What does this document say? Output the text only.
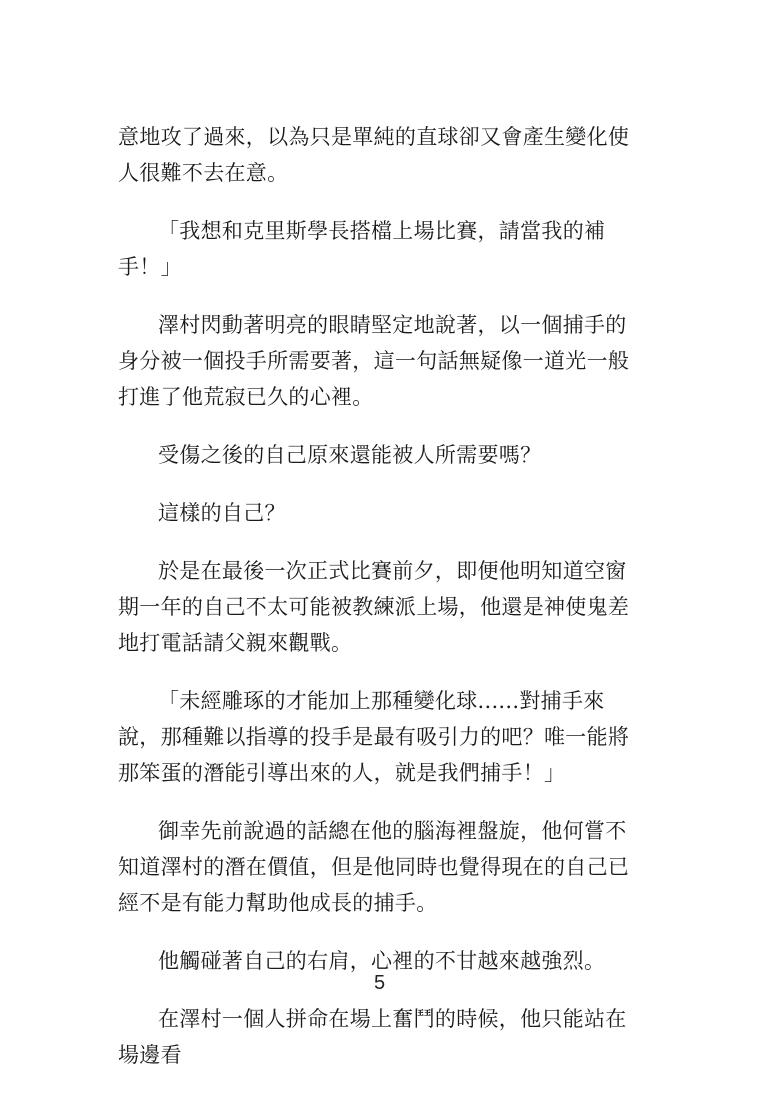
意地攻了過來，以為只是單純的直球卻又會產生變化使人很難不去在意。

「我想和克里斯學長搭檔上場比賽，請當我的補手！」

澤村閃動著明亮的眼睛堅定地說著，以一個捕手的身分被一個投手所需要著，這一句話無疑像一道光一般打進了他荒寂已久的心裡。

受傷之後的自己原來還能被人所需要嗎？

這樣的自己？

於是在最後一次正式比賽前夕，即便他明知道空窗期一年的自己不太可能被教練派上場，他還是神使鬼差地打電話請父親來觀戰。

「未經雕琢的才能加上那種變化球......對捕手來說，那種難以指導的投手是最有吸引力的吧？唯一能將那笨蛋的潛能引導出來的人，就是我們捕手！」

御幸先前說過的話總在他的腦海裡盤旋，他何嘗不知道澤村的潛在價值，但是他同時也覺得現在的自己已經不是有能力幫助他成長的捕手。

他觸碰著自己的右肩，心裡的不甘越來越強烈。

在澤村一個人拼命在場上奮鬥的時候，他只能站在場邊看

5
